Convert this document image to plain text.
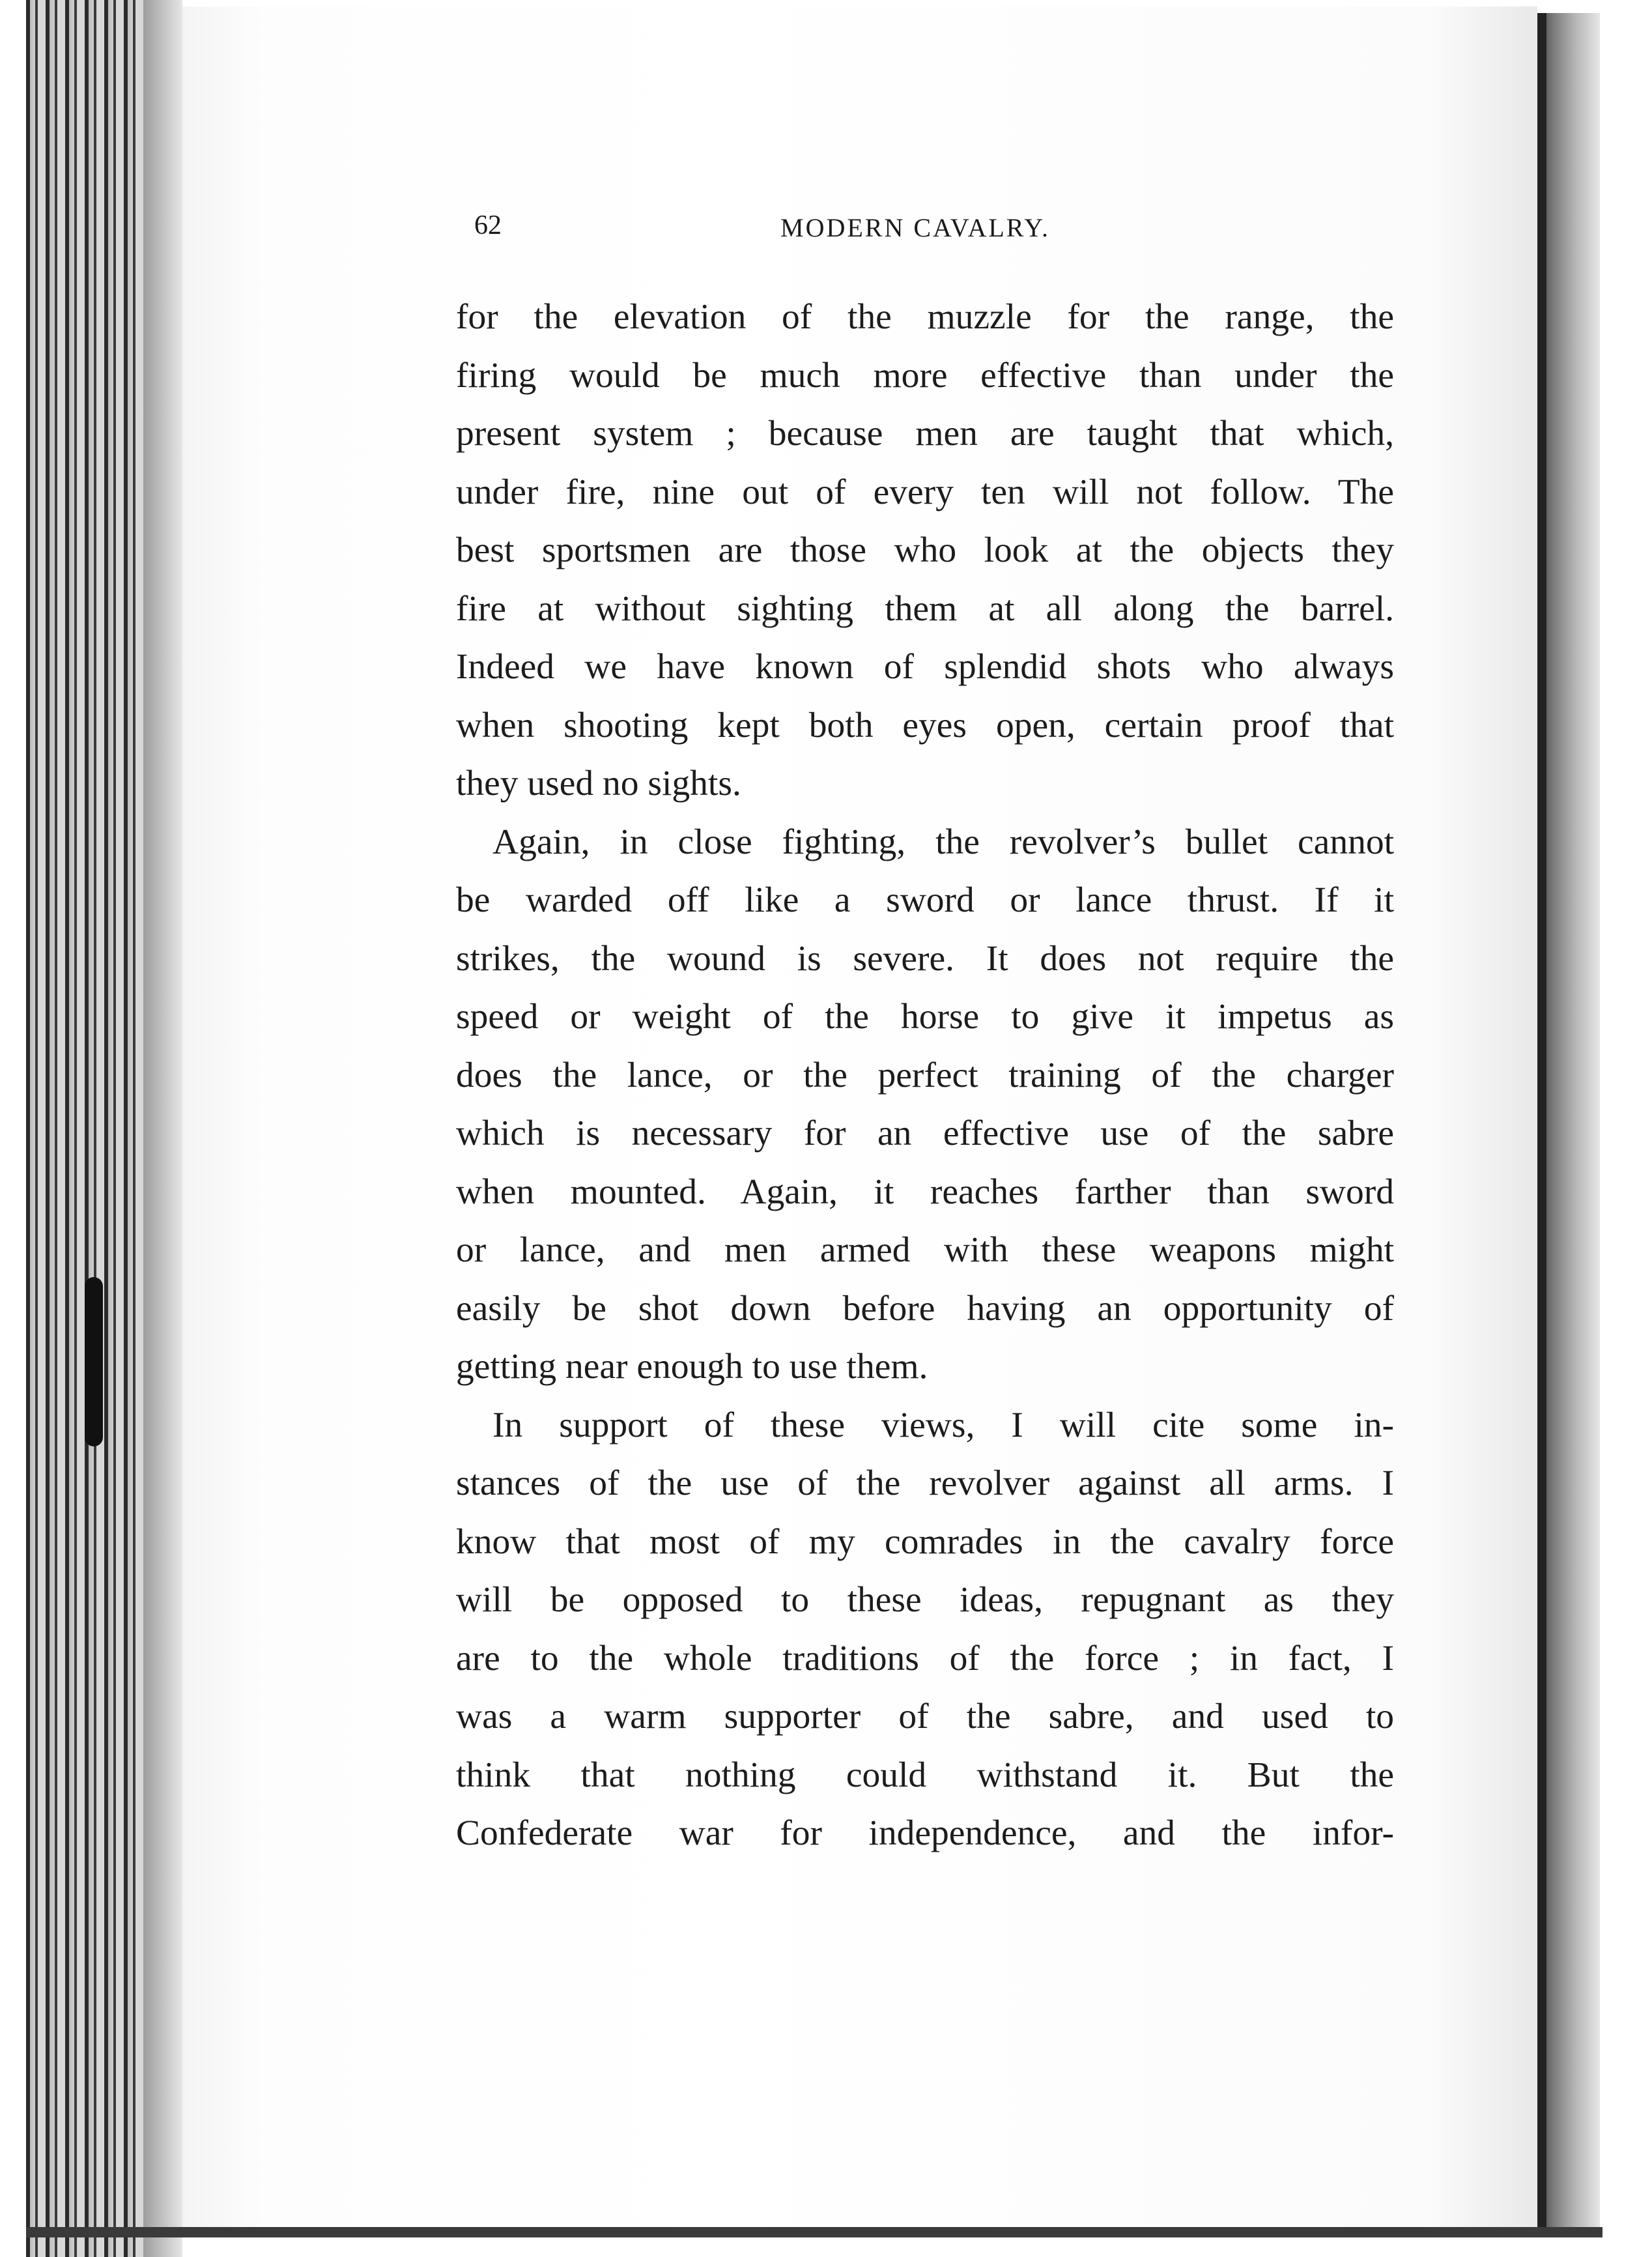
62	MODERN CAVALRY.

for the elevation of the muzzle for the range, the
firing would be much more effective than under the
present system ; because men are taught that which,
under fire, nine out of every ten will not follow. The
best sportsmen are those who look at the objects they
fire at without sighting them at all along the barrel.
Indeed we have known of splendid shots who always
when shooting kept both eyes open, certain proof that
they used no sights.

Again, in close fighting, the revolver’s bullet cannot
be warded off like a sword or lance thrust. If it
strikes, the wound is severe. It does not require the
speed or weight of the horse to give it impetus as
does the lance, or the perfect training of the charger
which is necessary for an effective use of the sabre
when mounted. Again, it reaches farther than sword
or lance, and men armed with these weapons might
easily be shot down before having an opportunity of
getting near enough to use them.

In support of these views, I will cite some in-
stances of the use of the revolver against all arms. I
know that most of my comrades in the cavalry force
will be opposed to these ideas, repugnant as they
are to the whole traditions of the force ; in fact, I
was a warm supporter of the sabre, and used to
think that nothing could withstand it. But the
Confederate war for independence, and the infor-
